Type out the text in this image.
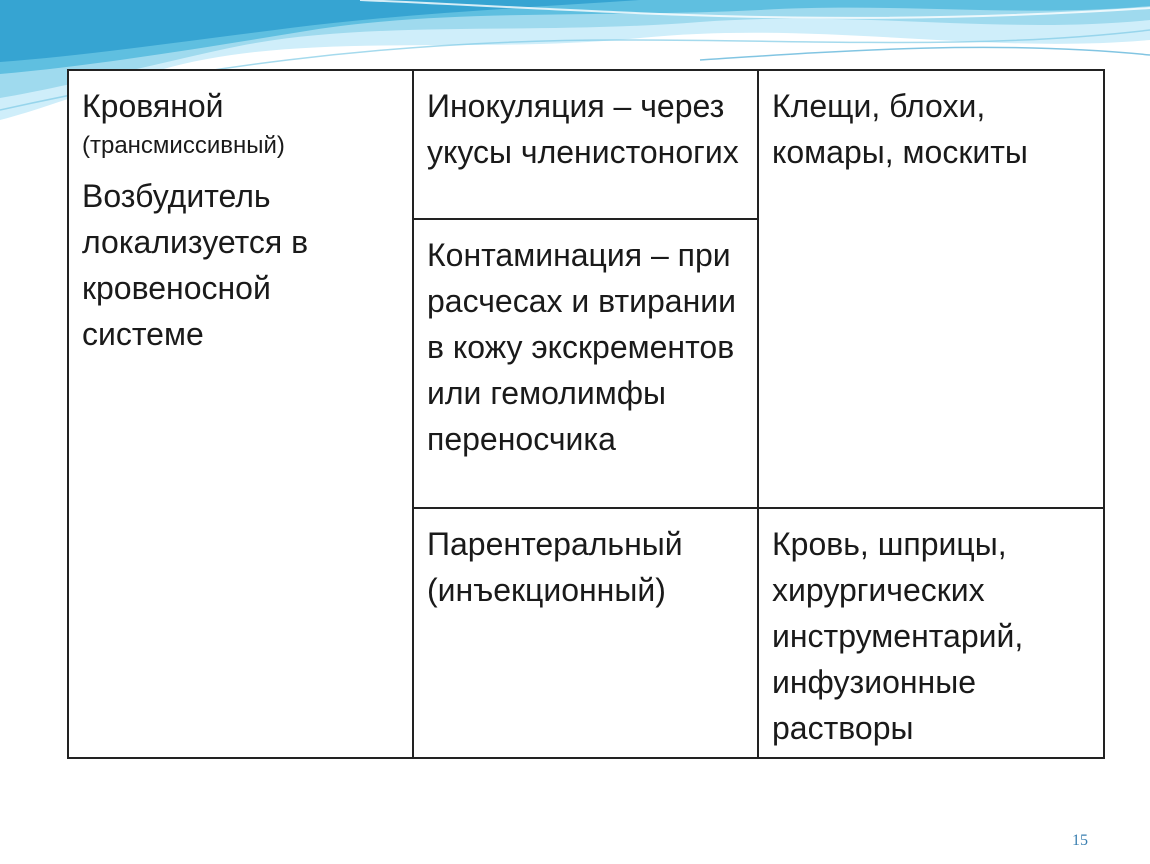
Кровяной
(трансмиссивный)
Возбудитель локализуется в кровеносной системе	Инокуляция – через укусы членистоногих	Клещи, блохи, комары, москиты

	Контаминация – при расчесах и втирании в кожу экскрементов или гемолимфы переносчика	

	Парентеральный (инъекционный)	Кровь, шприцы, хирургических инструментарий, инфузионные растворы
15
